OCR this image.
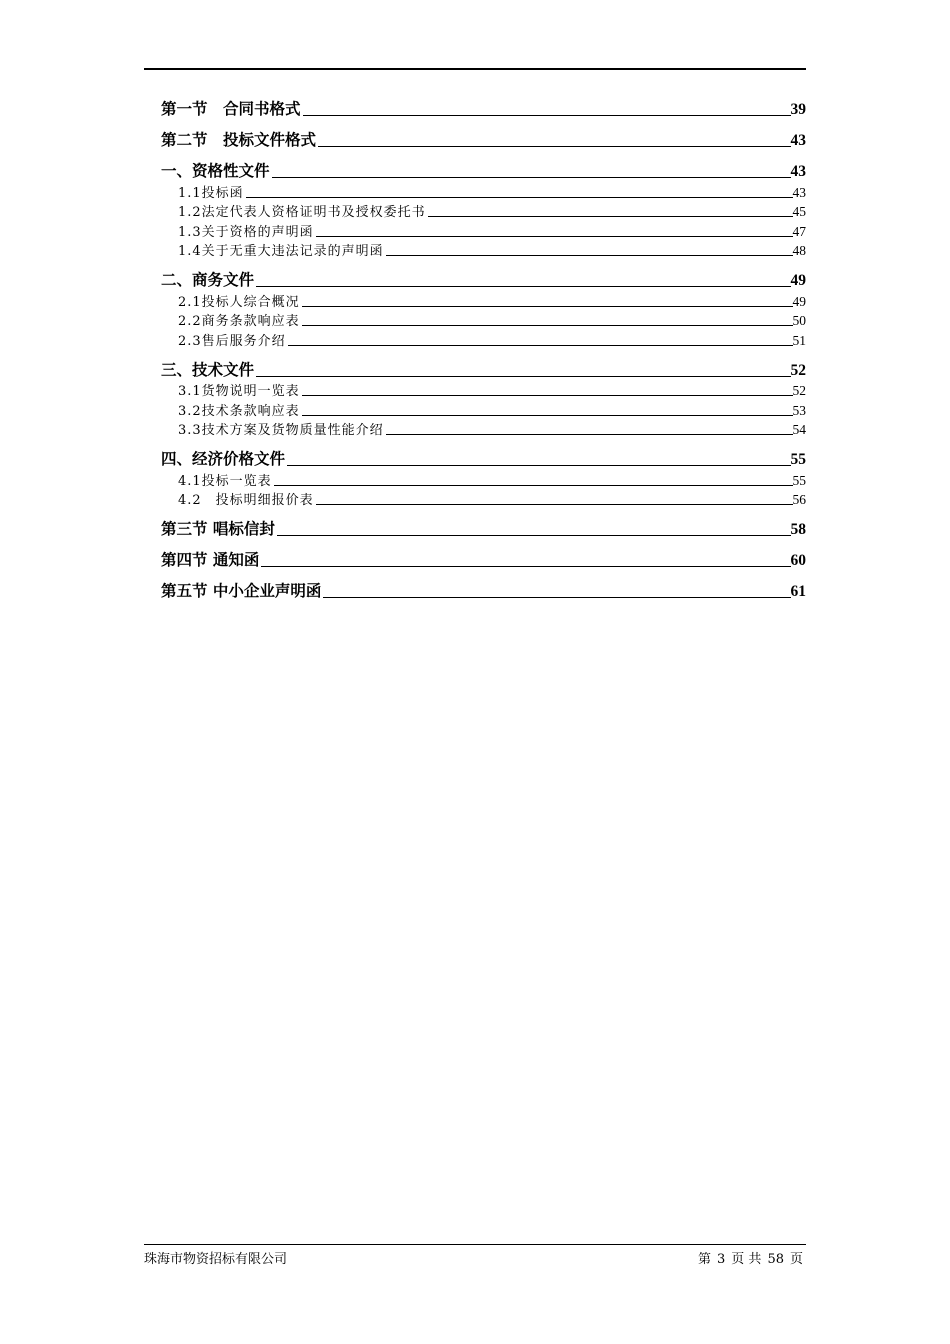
第一节　合同书格式	39
第二节　投标文件格式	43
一、资格性文件	43
1.1投标函	43
1.2法定代表人资格证明书及授权委托书	45
1.3关于资格的声明函	47
1.4关于无重大违法记录的声明函	48
二、商务文件	49
2.1投标人综合概况	49
2.2商务条款响应表	50
2.3售后服务介绍	51
三、技术文件	52
3.1货物说明一览表	52
3.2技术条款响应表	53
3.3技术方案及货物质量性能介绍	54
四、经济价格文件	55
4.1投标一览表	55
4.2　投标明细报价表	56
第三节 唱标信封	58
第四节 通知函	60
第五节 中小企业声明函	61
珠海市物资招标有限公司	第 3 页 共 58 页
